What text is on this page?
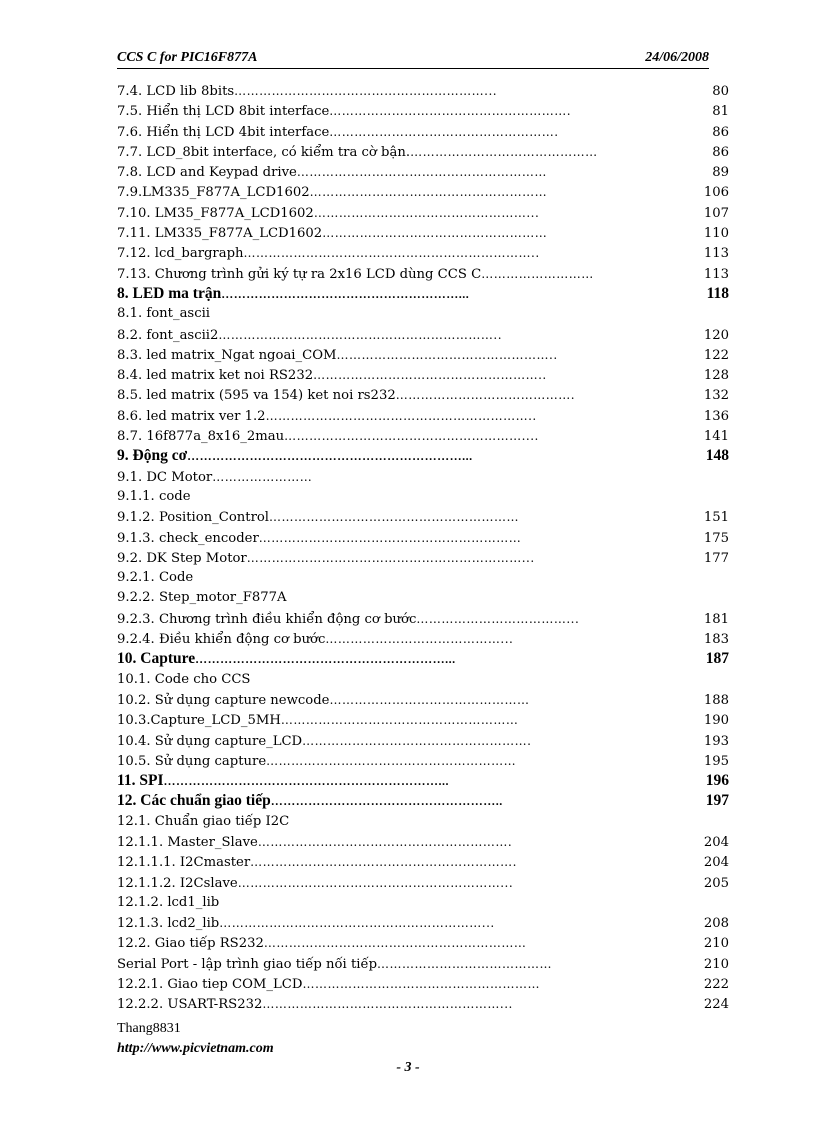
CCS C for PIC16F877A	24/06/2008
7.4. LCD lib 8bits ……………………………………………………...	80
7.5. Hiển thị LCD 8bit interface ………………………………………………….	81
7.6. Hiển thị LCD 4bit interface ……………………………………………….	86
7.7. LCD_8bit interface, có kiểm tra cờ bận. ………………………………………	86
7.8. LCD and Keypad drive ……………………………………………………	89
7.9.LM335_F877A_LCD1602 …………………………………………………	106
7.10. LM35_F877A_LCD1602 ……………………………………………...	107
7.11. LM335_F877A_LCD1602 ………………………………………………	110
7.12. lcd_bargraph ……………………………………………………………..	113
7.13. Chương trình gửi ký tự ra 2x16 LCD dùng CCS C ………………………	113
8. LED ma trận …………………………………………………...	118
8.1. font_ascii
8.2. font_ascii2 …………………………………………………………..	120
8.3. led matrix_Ngat ngoai_COM ……………………………………………..	122
8.4. led matrix ket noi RS232 ………………………………………………..	128
8.5. led matrix (595 va 154) ket noi rs232 …………………………………….	132
8.6. led matrix ver 1.2 ………………………………………………………..	136
8.7. 16f877a_8x16_2mau …………………………………………………....	141
9. Động cơ …………………………………………………………...	148
9.1. DC Motor ……………………
9.1.1. code
9.1.2. Position_Control ……………………………………………………	151
9.1.3. check_encoder ………………………………………………………	175
9.2. DK Step Motor …………………………………………………………...	177
9.2.1. Code
9.2.2. Step_motor_F877A
9.2.3. Chương trình điều khiển động cơ bước ………………………………...	181
9.2.4. Điều khiển động cơ bước ……………………………………...	183
10. Capture ……………………………………………………...	187
10.1. Code cho CCS
10.2. Sử dụng capture newcode …………………………………………	188
10.3.Capture_LCD_5MH …………………………………………………	190
10.4. Sử dụng capture_LCD ……………………………………………….	193
10.5. Sử dụng capture ……………………………………………………	195
11. SPI …………………………………………………………...	196
12. Các chuẩn giao tiếp ………………………………………………..	197
12.1. Chuẩn giao tiếp I2C
12.1.1. Master_Slave …………………………………………………….	204
12.1.1.1. I2Cmaster ……………………………………………………….	204
12.1.1.2. I2Cslave ………………………………………………………...	205
12.1.2. lcd1_lib
12.1.3. lcd2_lib ………………………………………………………...	208
12.2. Giao tiếp RS232 ………………………………………………………	210
Serial Port - lập trình giao tiếp nối tiếp ……………………………………	210
12.2.1. Giao tiep COM_LCD …………………………………………………	222
12.2.2. USART-RS232 …………………………………………………...	224
Thang8831
http://www.picvietnam.com
- 3 -
